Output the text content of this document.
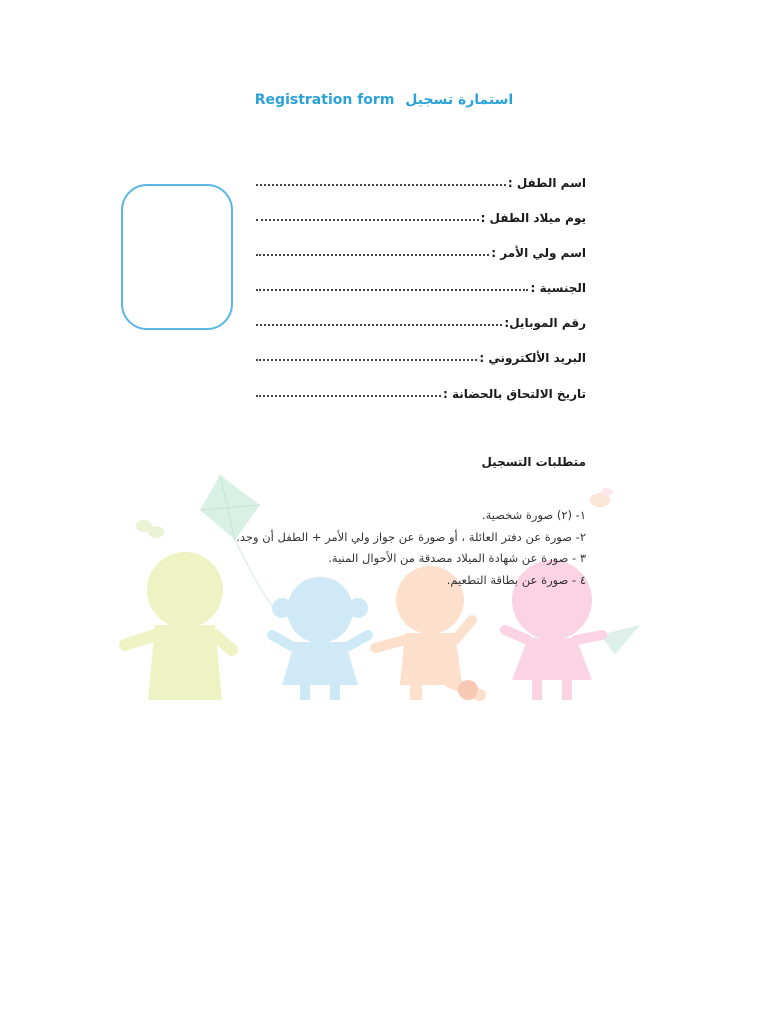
Registration form استمارة تسجيل
اسم الطفل :
يوم ميلاد الطفل :
اسم ولي الأمر :
الجنسية :
رقم الموبايل:
البريد الألكتروني :
تاريخ الالتحاق بالحضانة :
متطلبات التسجيل
١- (٢) صورة شخصية.
٢- صورة عن دفتر العائلة ، أو صورة عن جواز ولي الأمر + الطفل أن وجد.
٣ - صورة عن شهادة الميلاد مصدقة من الأحوال المنية.
٤ - صورة عن بطاقة التطعيم.
